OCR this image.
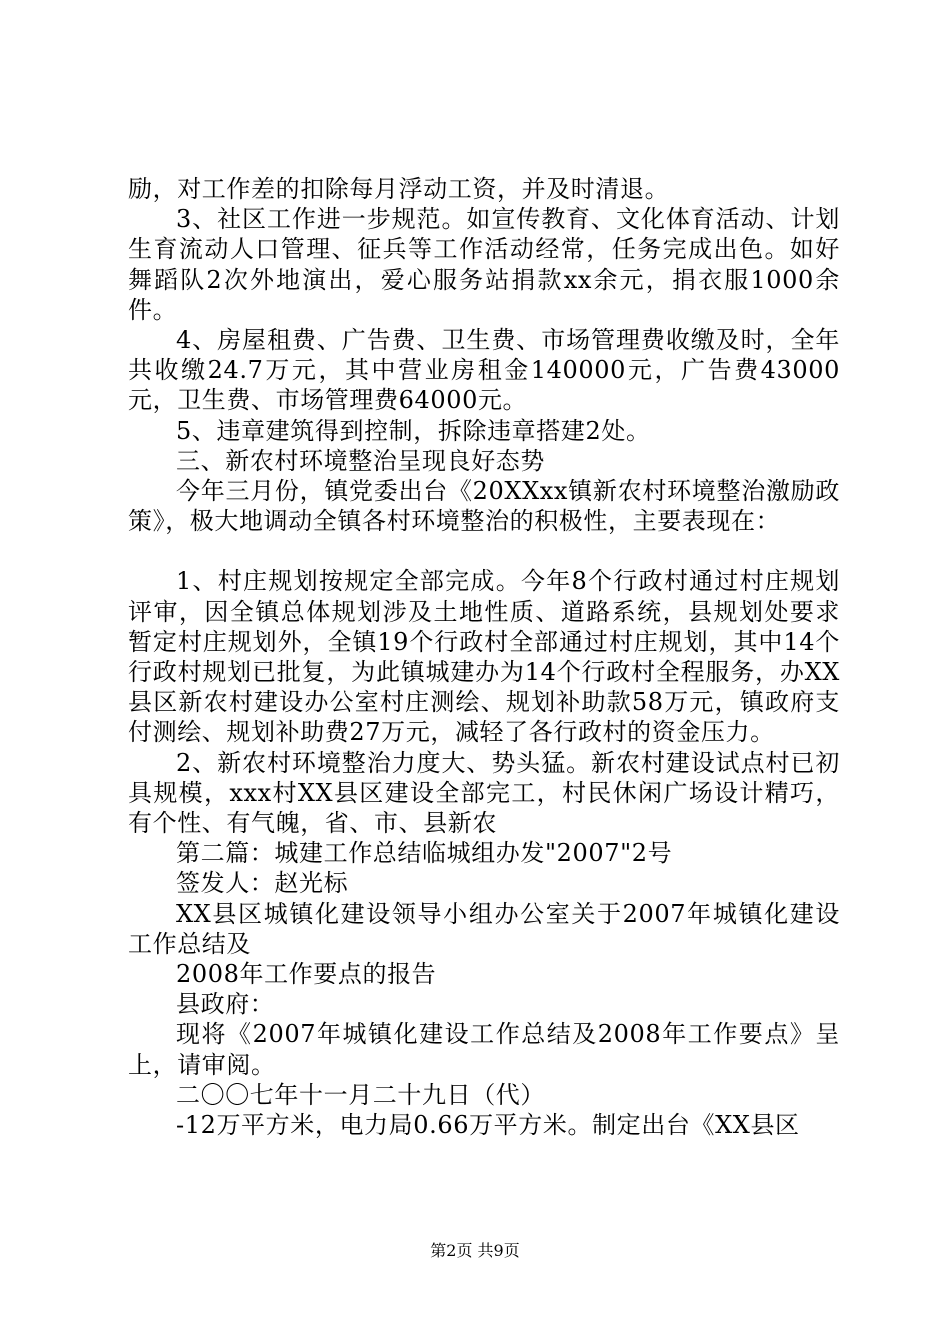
励，对工作差的扣除每月浮动工资，并及时清退。

3、社区工作进一步规范。如宣传教育、文化体育活动、计划生育流动人口管理、征兵等工作活动经常，任务完成出色。如好舞蹈队2次外地演出，爱心服务站捐款xx余元，捐衣服1000余件。

4、房屋租费、广告费、卫生费、市场管理费收缴及时，全年共收缴24.7万元，其中营业房租金140000元，广告费43000元，卫生费、市场管理费64000元。

5、违章建筑得到控制，拆除违章搭建2处。

三、新农村环境整治呈现良好态势

今年三月份，镇党委出台《20XXxx镇新农村环境整治激励政策》，极大地调动全镇各村环境整治的积极性，主要表现在：

1、村庄规划按规定全部完成。今年8个行政村通过村庄规划评审，因全镇总体规划涉及土地性质、道路系统，县规划处要求暂定村庄规划外，全镇19个行政村全部通过村庄规划，其中14个行政村规划已批复，为此镇城建办为14个行政村全程服务，办XX县区新农村建设办公室村庄测绘、规划补助款58万元，镇政府支付测绘、规划补助费27万元，减轻了各行政村的资金压力。

2、新农村环境整治力度大、势头猛。新农村建设试点村已初具规模，xxx村XX县区建设全部完工，村民休闲广场设计精巧，有个性、有气魄，省、市、县新农

第二篇：城建工作总结临城组办发"2007"2号

签发人：赵光标

XX县区城镇化建设领导小组办公室关于2007年城镇化建设工作总结及

2008年工作要点的报告

县政府：

现将《2007年城镇化建设工作总结及2008年工作要点》呈上，请审阅。

二〇〇七年十一月二十九日（代）

-12万平方米，电力局0.66万平方米。制定出台《XX县区

第2页 共9页
